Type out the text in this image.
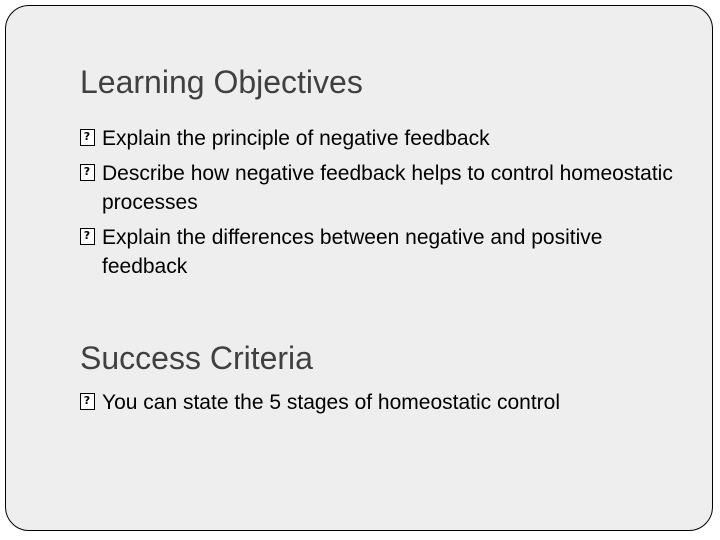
Learning Objectives
?
Explain the principle of negative feedback
?
Describe how negative feedback helps to control homeostatic processes
?
Explain the differences between negative and positive feedback
Success Criteria
?
You can state the 5 stages of homeostatic control
